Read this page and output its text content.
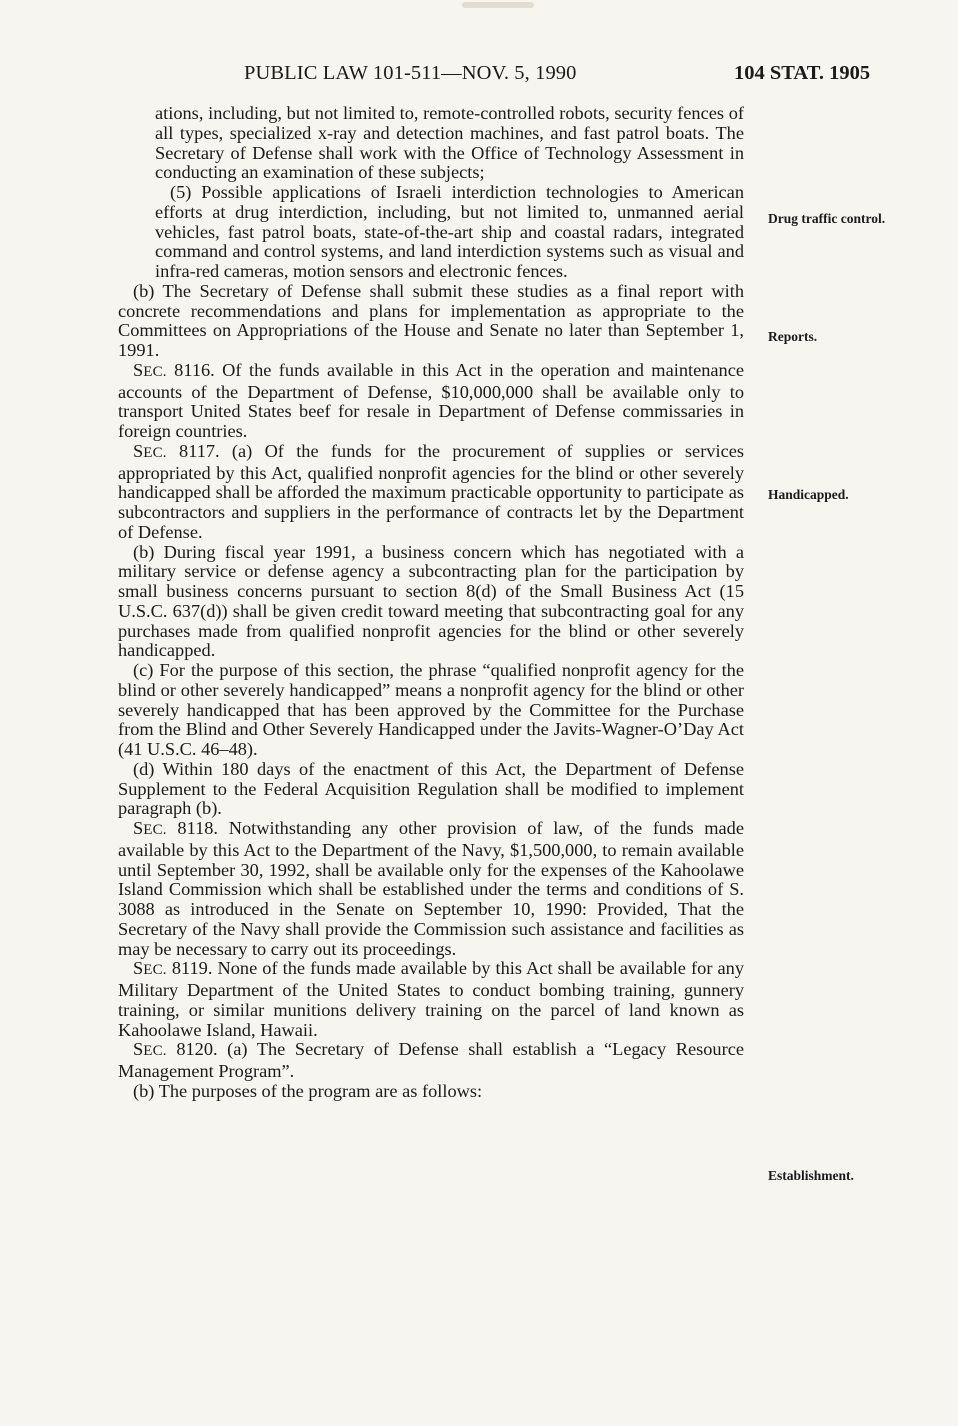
PUBLIC LAW 101-511—NOV. 5, 1990	104 STAT. 1905

ations, including, but not limited to, remote-controlled robots, security fences of all types, specialized x-ray and detection machines, and fast patrol boats. The Secretary of Defense shall work with the Office of Technology Assessment in conducting an examination of these subjects;

(5) Possible applications of Israeli interdiction technologies to American efforts at drug interdiction, including, but not limited to, unmanned aerial vehicles, fast patrol boats, state-of-the-art ship and coastal radars, integrated command and control systems, and land interdiction systems such as visual and infra-red cameras, motion sensors and electronic fences.

(b) The Secretary of Defense shall submit these studies as a final report with concrete recommendations and plans for implementation as appropriate to the Committees on Appropriations of the House and Senate no later than September 1, 1991.

SEC. 8116. Of the funds available in this Act in the operation and maintenance accounts of the Department of Defense, $10,000,000 shall be available only to transport United States beef for resale in Department of Defense commissaries in foreign countries.

SEC. 8117. (a) Of the funds for the procurement of supplies or services appropriated by this Act, qualified nonprofit agencies for the blind or other severely handicapped shall be afforded the maximum practicable opportunity to participate as subcontractors and suppliers in the performance of contracts let by the Department of Defense.

(b) During fiscal year 1991, a business concern which has negotiated with a military service or defense agency a subcontracting plan for the participation by small business concerns pursuant to section 8(d) of the Small Business Act (15 U.S.C. 637(d)) shall be given credit toward meeting that subcontracting goal for any purchases made from qualified nonprofit agencies for the blind or other severely handicapped.

(c) For the purpose of this section, the phrase “qualified nonprofit agency for the blind or other severely handicapped” means a nonprofit agency for the blind or other severely handicapped that has been approved by the Committee for the Purchase from the Blind and Other Severely Handicapped under the Javits-Wagner-O’Day Act (41 U.S.C. 46–48).

(d) Within 180 days of the enactment of this Act, the Department of Defense Supplement to the Federal Acquisition Regulation shall be modified to implement paragraph (b).

SEC. 8118. Notwithstanding any other provision of law, of the funds made available by this Act to the Department of the Navy, $1,500,000, to remain available until September 30, 1992, shall be available only for the expenses of the Kahoolawe Island Commission which shall be established under the terms and conditions of S. 3088 as introduced in the Senate on September 10, 1990: Provided, That the Secretary of the Navy shall provide the Commission such assistance and facilities as may be necessary to carry out its proceedings.

SEC. 8119. None of the funds made available by this Act shall be available for any Military Department of the United States to conduct bombing training, gunnery training, or similar munitions delivery training on the parcel of land known as Kahoolawe Island, Hawaii.

SEC. 8120. (a) The Secretary of Defense shall establish a “Legacy Resource Management Program”.

(b) The purposes of the program are as follows:

Drug traffic control.
Reports.
Handicapped.
Establishment.
